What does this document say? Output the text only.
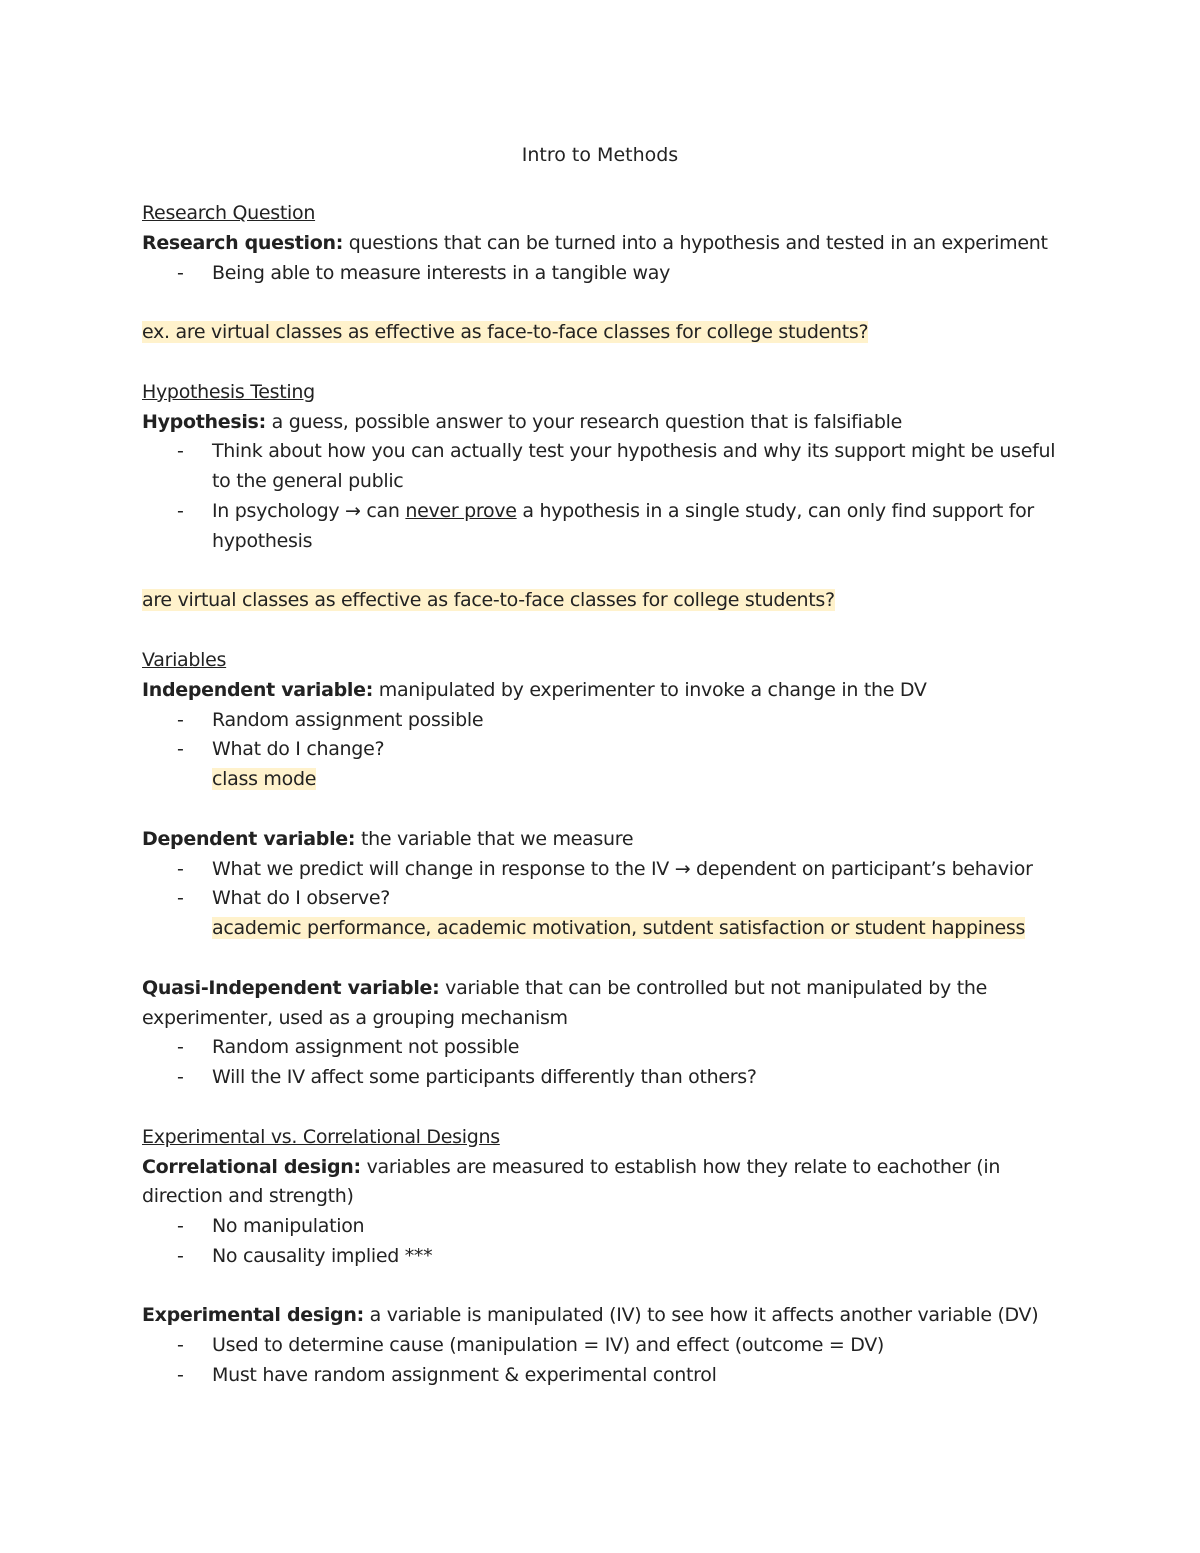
Intro to Methods
Research Question
Research question: questions that can be turned into a hypothesis and tested in an experiment
- Being able to measure interests in a tangible way
ex. are virtual classes as effective as face-to-face classes for college students?
Hypothesis Testing
Hypothesis: a guess, possible answer to your research question that is falsifiable
- Think about how you can actually test your hypothesis and why its support might be useful to the general public
- In psychology → can never prove a hypothesis in a single study, can only find support for hypothesis
are virtual classes as effective as face-to-face classes for college students?
Variables
Independent variable: manipulated by experimenter to invoke a change in the DV
- Random assignment possible
- What do I change?
class mode
Dependent variable: the variable that we measure
- What we predict will change in response to the IV → dependent on participant’s behavior
- What do I observe?
academic performance, academic motivation, sutdent satisfaction or student happiness
Quasi-Independent variable: variable that can be controlled but not manipulated by the experimenter, used as a grouping mechanism
- Random assignment not possible
- Will the IV affect some participants differently than others?
Experimental vs. Correlational Designs
Correlational design: variables are measured to establish how they relate to eachother (in direction and strength)
- No manipulation
- No causality implied ***
Experimental design: a variable is manipulated (IV) to see how it affects another variable (DV)
- Used to determine cause (manipulation = IV) and effect (outcome = DV)
- Must have random assignment & experimental control
